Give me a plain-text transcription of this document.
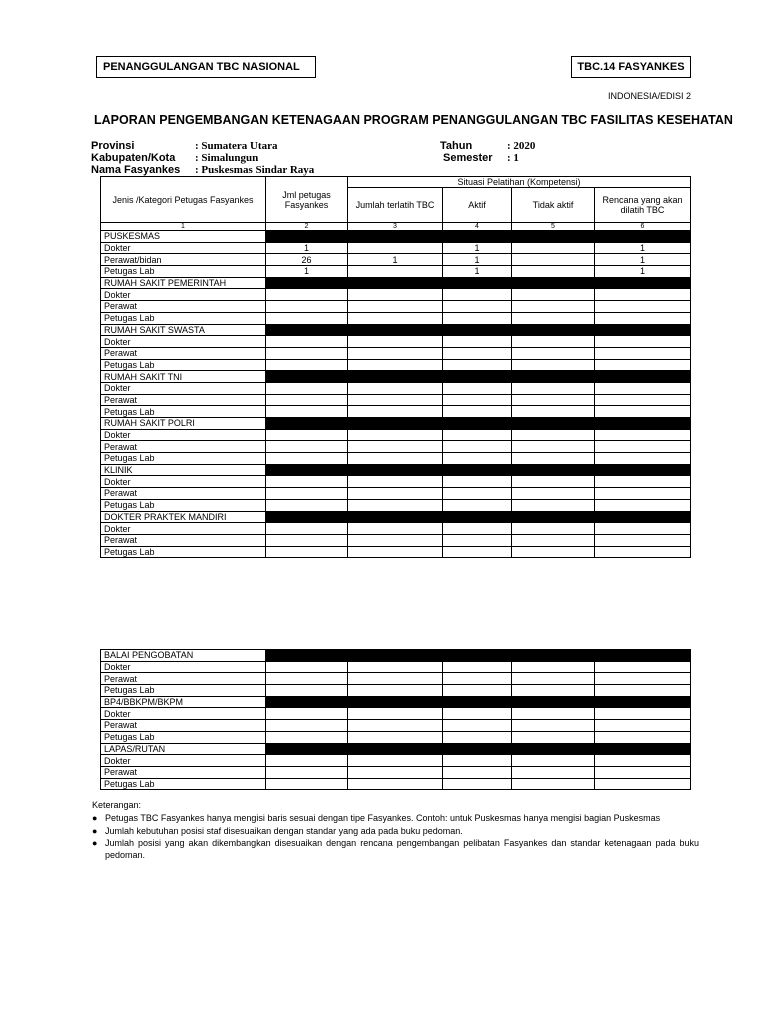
PENANGGULANGAN TBC NASIONAL	TBC.14 FASYANKES
INDONESIA/EDISI 2
LAPORAN PENGEMBANGAN KETENAGAAN PROGRAM PENANGGULANGAN TBC FASILITAS KESEHATAN
Provinsi	: Sumatera Utara
Kabupaten/Kota : Simalungun
Nama Fasyankes : Puskesmas Sindar Raya
Tahun	: 2020
Semester : 1
Jenis /Kategori Petugas Fasyankes	Jml petugas Fasyankes	Situasi Pelatihan (Kompetensi)			
		Jumlah terlatih TBC	Aktif	Tidak aktif	Rencana yang akan dilatih TBC
1	2	3	4	5	6
PUSKESMAS					
Dokter	1		1		1
Perawat/bidan	26	1	1		1
Petugas Lab	1		1		1
RUMAH SAKIT PEMERINTAH					
Dokter					
Perawat					
Petugas Lab					
RUMAH SAKIT SWASTA					
Dokter					
Perawat					
Petugas Lab					
RUMAH SAKIT TNI					
Dokter					
Perawat					
Petugas Lab					
RUMAH SAKIT POLRI					
Dokter					
Perawat					
Petugas Lab					
KLINIK					
Dokter					
Perawat					
Petugas Lab					
DOKTER PRAKTEK MANDIRI					
Dokter					
Perawat					
Petugas Lab					
BALAI PENGOBATAN					
Dokter					
Perawat					
Petugas Lab					
BP4/BBKPM/BKPM					
Dokter					
Perawat					
Petugas Lab					
LAPAS/RUTAN					
Dokter					
Perawat					
Petugas Lab					
Keterangan:
● Petugas TBC Fasyankes hanya mengisi baris sesuai dengan tipe Fasyankes. Contoh: untuk Puskesmas hanya mengisi bagian Puskesmas
● Jumlah kebutuhan posisi staf disesuaikan dengan standar yang ada pada buku pedoman.
● Jumlah posisi yang akan dikembangkan disesuaikan dengan rencana pengembangan pelibatan Fasyankes dan standar ketenagaan pada buku pedoman.
